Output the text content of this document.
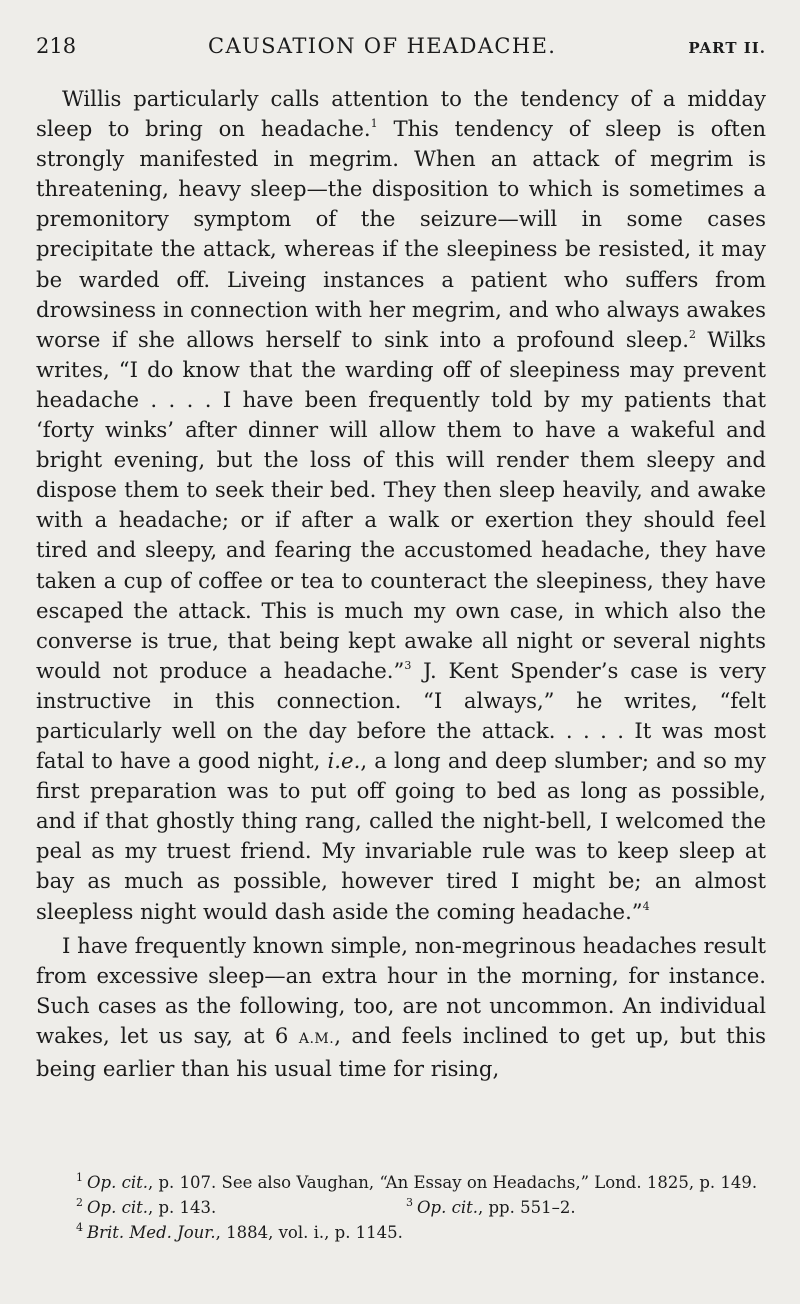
218	CAUSATION OF HEADACHE.	PART II.

Willis particularly calls attention to the tendency of a midday sleep to bring on headache.$^1$ This tendency of sleep is often strongly manifested in megrim. When an attack of megrim is threatening, heavy sleep—the disposition to which is sometimes a premonitory symptom of the seizure—will in some cases precipitate the attack, whereas if the sleepiness be resisted, it may be warded off. Liveing instances a patient who suffers from drowsiness in connection with her megrim, and who always awakes worse if she allows herself to sink into a profound sleep.$^2$ Wilks writes, “I do know that the warding off of sleepiness may prevent headache . . . . I have been frequently told by my patients that ‘forty winks’ after dinner will allow them to have a wakeful and bright evening, but the loss of this will render them sleepy and dispose them to seek their bed. They then sleep heavily, and awake with a headache; or if after a walk or exertion they should feel tired and sleepy, and fearing the accustomed headache, they have taken a cup of coffee or tea to counteract the sleepiness, they have escaped the attack. This is much my own case, in which also the converse is true, that being kept awake all night or several nights would not produce a headache.”$^3$ J. Kent Spender’s case is very instructive in this connection. “I always,” he writes, “felt particularly well on the day before the attack. . . . . It was most fatal to have a good night, i.e., a long and deep slumber; and so my first preparation was to put off going to bed as long as possible, and if that ghostly thing rang, called the night-bell, I welcomed the peal as my truest friend. My invariable rule was to keep sleep at bay as much as possible, however tired I might be; an almost sleepless night would dash aside the coming headache.”$^4$

I have frequently known simple, non-megrinous headaches result from excessive sleep—an extra hour in the morning, for instance. Such cases as the following, too, are not uncommon. An individual wakes, let us say, at 6 A.M., and feels inclined to get up, but this being earlier than his usual time for rising,

$^1$ Op. cit., p. 107. See also Vaughan, “An Essay on Headachs,” Lond. 1825, p. 149.

$^2$ Op. cit., p. 143.	$^3$ Op. cit., pp. 551–2.

$^4$ Brit. Med. Jour., 1884, vol. i., p. 1145.
